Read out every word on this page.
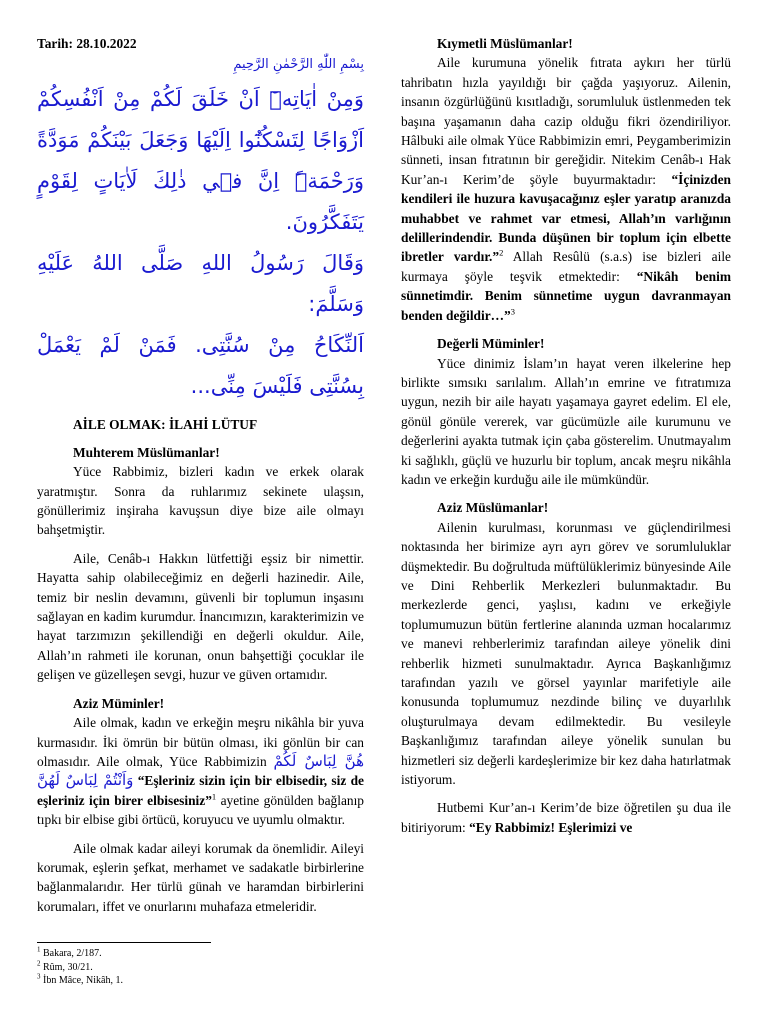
Tarih: 28.10.2022

بِسْمِ اللّٰهِ الرَّحْمٰنِ الرَّحِيمِ
وَمِنْ اٰيَاتِه۪ٓ اَنْ خَلَقَ لَكُمْ مِنْ اَنْفُسِكُمْ اَزْوَاجًا لِتَسْكُنُٓوا اِلَيْهَا وَجَعَلَ بَيْنَكُمْ مَوَدَّةً وَرَحْمَةًۜ اِنَّ ف۪ي ذٰلِكَ لَاٰيَاتٍ لِقَوْمٍ يَتَفَكَّرُونَ.
وَقَالَ رَسُولُ اللهِ صَلَّى اللهُ عَلَيْهِ وَسَلَّمَ:
اَلنِّكَاحُ مِنْ سُنَّتِى. فَمَنْ لَمْ يَعْمَلْ بِسُنَّتِى فَلَيْسَ مِنِّى...

AİLE OLMAK: İLAHİ LÜTUF

Muhterem Müslümanlar!

Yüce Rabbimiz, bizleri kadın ve erkek olarak yaratmıştır. Sonra da ruhlarımız sekinete ulaşsın, gönüllerimiz inşiraha kavuşsun diye bize aile olmayı bahşetmiştir.

Aile, Cenâb-ı Hakkın lütfettiği eşsiz bir nimettir. Hayatta sahip olabileceğimiz en değerli hazinedir. Aile, temiz bir neslin devamını, güvenli bir toplumun inşasını sağlayan en kadim kurumdur. İnancımızın, karakterimizin ve hayat tarzımızın şekillendiği en değerli okuldur. Aile, Allah’ın rahmeti ile korunan, onun bahşettiği çocuklar ile gelişen ve güzelleşen sevgi, huzur ve güven ortamıdır.

Aziz Müminler!

Aile olmak, kadın ve erkeğin meşru nikâhla bir yuva kurmasıdır. İki ömrün bir bütün olması, iki gönlün bir can olmasıdır. Aile olmak, Yüce Rabbimizin هُنَّ لِبَاسٌ لَكُمْ وَاَنْتُمْ لِبَاسٌ لَهُنَّ “Eşleriniz sizin için bir elbisedir, siz de eşleriniz için birer elbisesiniz”$^1$ ayetine gönülden bağlanıp tıpkı bir elbise gibi örtücü, koruyucu ve uyumlu olmaktır.

Aile olmak kadar aileyi korumak da önemlidir. Aileyi korumak, eşlerin şefkat, merhamet ve sadakatle birbirlerine bağlanmalarıdır. Her türlü günah ve haramdan birbirlerini korumaları, iffet ve onurlarını muhafaza etmeleridir.

Kıymetli Müslümanlar!

Aile kurumuna yönelik fıtrata aykırı her türlü tahribatın hızla yayıldığı bir çağda yaşıyoruz. Ailenin, insanın özgürlüğünü kısıtladığı, sorumluluk üstlenmeden tek başına yaşamanın daha cazip olduğu fikri özendiriliyor. Hâlbuki aile olmak Yüce Rabbimizin emri, Peygamberimizin sünneti, insan fıtratının bir gereğidir. Nitekim Cenâb-ı Hak Kur’an-ı Kerim’de şöyle buyurmaktadır: “İçinizden kendileri ile huzura kavuşacağınız eşler yaratıp aranızda muhabbet ve rahmet var etmesi, Allah’ın varlığının delillerindendir. Bunda düşünen bir toplum için elbette ibretler vardır.”$^2$ Allah Resûlü (s.a.s) ise bizleri aile kurmaya şöyle teşvik etmektedir: “Nikâh benim sünnetimdir. Benim sünnetime uygun davranmayan benden değildir…”$^3$

Değerli Müminler!

Yüce dinimiz İslam’ın hayat veren ilkelerine hep birlikte sımsıkı sarılalım. Allah’ın emrine ve fıtratımıza uygun, nezih bir aile hayatı yaşamaya gayret edelim. El ele, gönül gönüle vererek, var gücümüzle aile kurumunu ve değerlerini ayakta tutmak için çaba gösterelim. Unutmayalım ki sağlıklı, güçlü ve huzurlu bir toplum, ancak meşru nikâhla kadın ve erkeğin kurduğu aile ile mümkündür.

Aziz Müslümanlar!

Ailenin kurulması, korunması ve güçlendirilmesi noktasında her birimize ayrı ayrı görev ve sorumluluklar düşmektedir. Bu doğrultuda müftülüklerimiz bünyesinde Aile ve Dini Rehberlik Merkezleri bulunmaktadır. Bu merkezlerde genci, yaşlısı, kadını ve erkeğiyle toplumumuzun bütün fertlerine alanında uzman hocalarımız ve manevi rehberlerimiz tarafından aileye yönelik dini rehberlik hizmeti sunulmaktadır. Ayrıca Başkanlığımız tarafından yazılı ve görsel yayınlar marifetiyle aile konusunda toplumumuz nezdinde bilinç ve duyarlılık oluşturulmaya devam edilmektedir. Bu vesileyle Başkanlığımız tarafından aileye yönelik sunulan bu hizmetleri siz değerli kardeşlerimize bir kez daha hatırlatmak istiyorum.

Hutbemi Kur’an-ı Kerim’de bize öğretilen şu dua ile bitiriyorum: “Ey Rabbimiz! Eşlerimizi ve

$^1$ Bakara, 2/187.
$^2$ Rûm, 30/21.
$^3$ İbn Mâce, Nikâh, 1.
